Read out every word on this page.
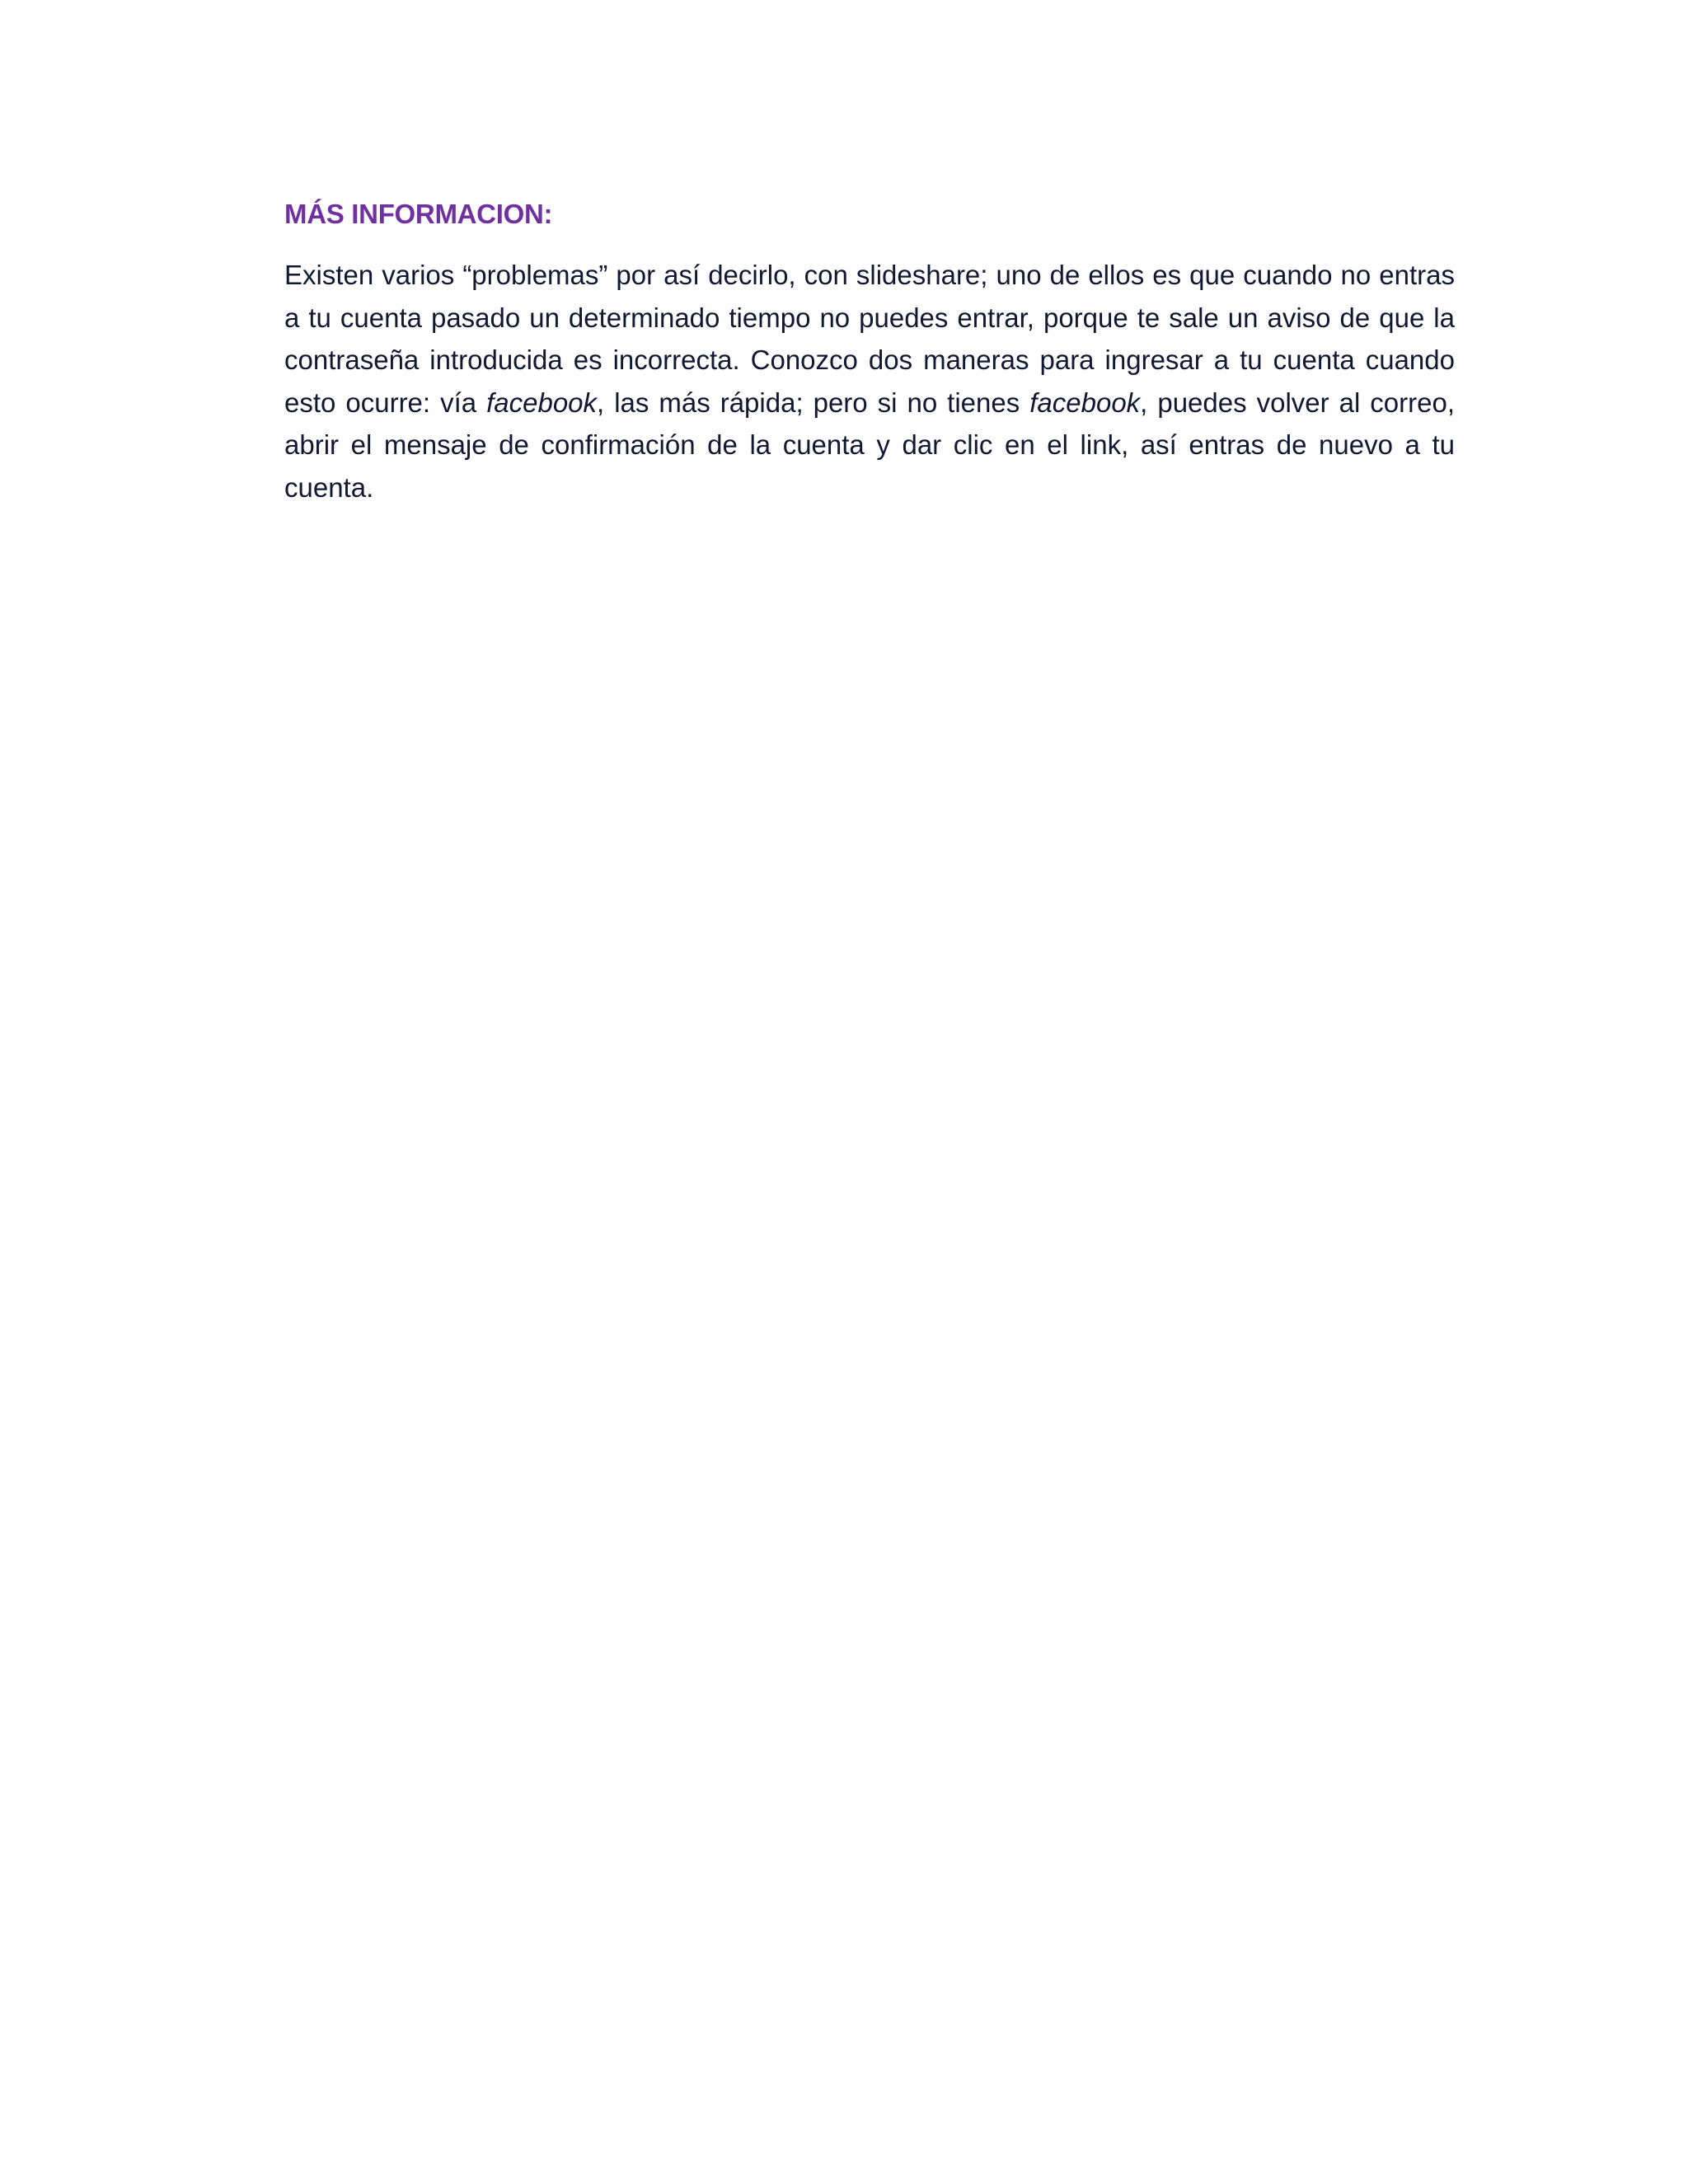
MÁS INFORMACION:

Existen varios “problemas” por así decirlo, con slideshare; uno de ellos es que cuando no entras a tu cuenta pasado un determinado tiempo no puedes entrar, porque te sale un aviso de que la contraseña introducida es incorrecta. Conozco dos maneras para ingresar a tu cuenta cuando esto ocurre: vía facebook, las más rápida; pero si no tienes facebook, puedes volver al correo, abrir el mensaje de confirmación de la cuenta y dar clic en el link, así entras de nuevo a tu cuenta.
